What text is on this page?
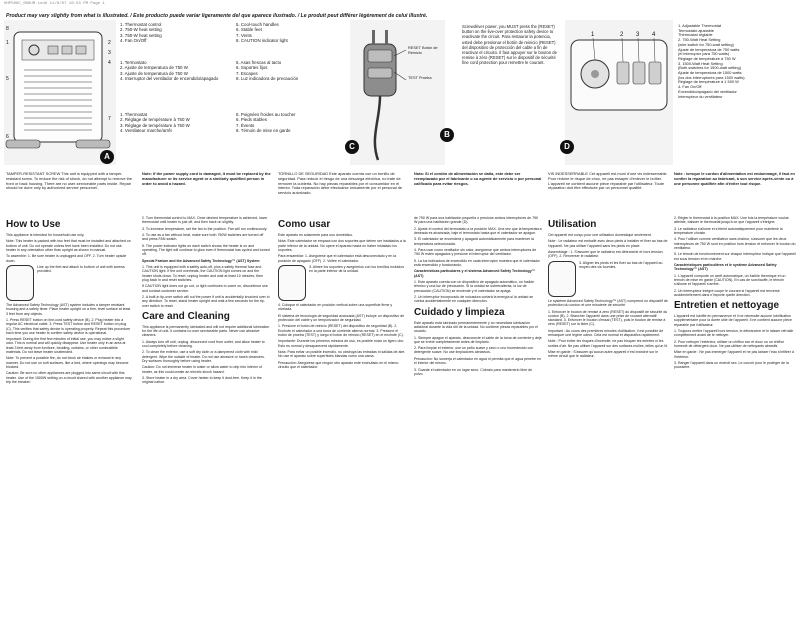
HHP508C_008UM.indd 11/8/07 10:53 PM Page 1
Product may vary slightly from what is illustrated. / Este producto puede variar ligeramente del que aparece ilustrado. / Le produit peut différer légèrement de celui illustré.
1	2
3
4
5
6
7
8
A
1. Thermostat control
2. 750-W heat setting
3. 750-W heat setting
4. Fan On/Off
5. Cool-touch handles
6. Stable feet
7. Vents
8. CAUTION indicator light
1. Termostato
2. Ajuste de temperatura de 750 W
3. Ajuste de temperatura de 750 W
4. Interruptor del ventilador de encendido/apagado
5. Asas frescas al tacto
6. Soportes fijos
7. Escapes
8. Luz indicadora de precaución
1. Thermostat
2. Réglage de température à 750 W
3. Réglage de température à 750 W
4. Ventilateur marche/arrêt
5. Poignées froides au toucher
6. Pieds stables
7. Évents
8. Témoin de mise en garde
RESET Botón de Reinicio
TEST Prueba
B
C
Screwdriver power, you MUST press the (RESET) button on the live-over protection safety device to reactivate the circuit. Para restaurar la potencia, usted debe presionar el botón de reinicio (RESET) del dispositivo de protección del cable a fin de reactivar el circuito. Il faut appuyer sur le bouton de remise à zéro (RESET) sur le dispositif de sécurité fine cord protection pour remettre le courant.
1	2 3 4
D
1. Adjustable Thermostat
Termostato ajustable
Thermostat réglable
2. 750-Watt Heat Setting
(wire switch for 750-watt setting)
Ajuste de temperatura de 750 watts
(el interruptor para 750 watts)
Réglage de température à 750 W
3. 1500-Watt Heat Setting
(Both switches for 1500-watt setting)
Ajuste de temperatura de 1500 watts
(los dos interruptores para 1500 watts)
Réglage de température à 1 500 W
4. Fan On/Off
Encendido/apagado del ventilador
Interrupteur du ventilateur
TAMPER-RESISTANT SCREW This unit is equipped with a tamper-resistant screw. To reduce the risk of shock, do not attempt to remove the front or back housing. There are no user-serviceable parts inside. Repair should be done only by authorized service personnel.
Note: If the power supply cord is damaged, it must be replaced by the manufacturer or its service agent or a similarly qualified person in order to avoid a hazard.
TORNILLO DE SEGURIDAD Este aparato cuenta con un tornillo de seguridad. Para reducir el riesgo de una descarga eléctrica, no trate de remover la cubierta. No hay piezas reparables por el consumidor en el interior. Toda reparación debe efectuarse únicamente por el personal de servicio autorizado.
Nota: Si el cordón de alimentación se daña, este debe ser reemplazado por el fabricante o su agente de servicio o por personal calificado para evitar riesgos.
VIS INDESSERRABLE Cet appareil est muni d'une vis indesserrable. Pour réduire le risque de choc, ne pas essayer d'enlever le boîtier. L'appareil ne contient aucune pièce réparable par l'utilisateur. Toute réparation doit être effectuée par un personnel qualifié.
Note : lorsque le cordon d'alimentation est endommagé, il faut en confier la réparation au fabricant, à son service après-vente ou à une personne qualifiée afin d'éviter tout risque.
How to Use

This appliance is intended for household use only.

Note: This heater is packed with two feet that must be installed and attached on bottom of unit. Do not operate unless feet have been installed. Do not use heater in any orientation other than upright as shown in manual.

To assemble: 1. Be sure heater is unplugged and OFF. 2. Turn heater upside down.

Line up the feet and attach to bottom of unit with screws provided.

The Advanced Safety Technology (AST) system includes a tamper resistant housing and a safety timer. Place heater upright on a firm, level surface at least 3 feet from any objects.

1. Press RESET button on line-cord safety device (B). 2. Plug heater into a regular AC electrical outlet. 3. Press TEST button and RESET button on plug (C). This verifies that safety device is operating properly. Repeat this procedure each time you use heater to confirm safety device is operational.

Important: During the first few minutes of initial use, you may notice a slight odor. This is normal and will quickly disappear. Use heater only in an area at least 3 feet away from furniture, bedding, curtains, or other combustible materials. Do not leave heater unattended.

Note: To prevent a possible fire, do not block air intakes or exhaust in any manner. Do not use on soft surfaces, like a bed, where openings may become blocked.

Caution: Be sure no other appliances are plugged into same circuit with this heater. Use of the 1500W setting on a circuit shared with another appliance may trip the breaker.

2. Turn thermostat control to MAX. Once desired temperature is achieved, lower thermostat until heater is just off, and then back on slightly.

3. To increase temperature, set the fan to the position. Fan will run continuously.

4. To use as a fan without heat, make sure both 750W switches are turned off and press FAN switch.

5. The power indicator lights on each switch shows the heater is on and operating. The light will continue to glow even if thermostat has cycled and turned off.

Special Feature and the Advanced Safety Technology™ (AST) System

1. This unit is equipped with a safety auto-off, plus a safety thermal fuse and CAUTION light. If the unit overheats, the CAUTION light comes on and the heater shuts down. To reset, unplug heater and wait at least 10 minutes, then plug back in and reset switches.

If CAUTION light does not go out, or light continues to come on, discontinue use and contact customer service.

2. A built-in tip-over switch will cut the power if unit is accidentally knocked over in any direction. To reset, stand heater upright and wait a few seconds for the tip-over switch to reset.

Care and Cleaning

This appliance is permanently lubricated and will not require additional lubrication for the life of unit. It contains no user serviceable parts. Never use abrasive cleaners.

1. Always turn off unit, unplug, disconnect cord from outlet, and allow heater to cool completely before cleaning.

2. To clean the exterior, use a soft dry cloth or a dampened cloth with mild detergent. Wipe the outside of heater. Do not use abrasive or harsh cleansers. Dry surfaces thoroughly before using heater.

Caution: Do not immerse heater in water or allow water to drip into interior of heater, as this could create an electric shock hazard.

3. Store heater in a dry area. Cover heater to keep it dust-free. Keep it in the original carton.

Como usar

Este aparato es solamente para uso doméstico.

Nota: Este calentador se empaca con dos soportes que deben ser instalados a la parte inferior de la unidad. No opere el aparato hasta no haber instalado los soportes.

Para ensamblar: 1. Asegúrese que el calentador está desconectado y en la posición de apagado (OFF). 2. Voltee el calentador.

3. Alinee los soportes y asegúrelos con los tornillos incluidos en la parte inferior de la unidad.

4. Coloque el calentador en posición vertical sobre una superficie firme y nivelada.

El sistema de tecnología de seguridad avanzada (AST) incluye un dispositivo de protección del cable y un temporizador de seguridad.

1. Presione el botón de reinicio (RESET) del dispositivo de seguridad (B). 2. Enchufe el calentador a una toma de corriente alterna normal. 3. Presione el botón de prueba (TEST) y luego el botón de reinicio (RESET) en el enchufe (C).

Importante: Durante los primeros minutos de uso, es posible notar un ligero olor. Esto es normal y desaparecerá rápidamente.

Nota: Para evitar un posible incendio, no obstruya las entradas ni salidas de aire. No use el aparato sobre superficies blandas como una cama.

Precaución: Asegúrese que ningún otro aparato esté enchufado en el mismo circuito que el calentador.

de 750 W para una habitación pequeña o presione ambos interruptores de 750 W para una habitación grande (D).

2. Ajuste el control del termostato a la posición MAX. Una vez que la temperatura deseada es alcanzada, baje el termostato hasta que el calentador se apague.

3. El calentador se encenderá y apagará automáticamente para mantener la temperatura seleccionada.

4. Para usar como ventilador sin calor, asegúrese que ambos interruptores de 750 W estén apagados y presione el interruptor del ventilador.

5. La luz indicadora de encendido en cada interruptor muestra que el calentador está encendido y funcionando.

Características particulares y el sistema Advanced Safety Technology™ (AST)

1. Este aparato cuenta con un dispositivo de apagado automático, un fusible térmico y una luz de precaución. Si la unidad se sobrecalienta, la luz de precaución (CAUTION) se enciende y el calentador se apaga.

2. Un interruptor incorporado de volcadura cortará la energía si la unidad se vuelca accidentalmente en cualquier dirección.

Cuidado y limpieza

Este aparato está lubricado permanentemente y no necesitará lubricación adicional durante la vida útil de la unidad. No contiene piezas reparables por el usuario.

1. Siempre apague el aparato, desconecte el cable de la toma de corriente y deje que se enfríe completamente antes de limpiarlo.

2. Para limpiar el exterior, use un paño suave y seco o uno humedecido con detergente suave. No use limpiadores abrasivos.

Precaución: No sumerja el calentador en agua ni permita que el agua penetre en el interior del mismo.

3. Guarde el calentador en un lugar seco. Cúbralo para mantenerlo libre de polvo.

Utilisation

Cet appareil est conçu pour une utilisation domestique seulement.

Note : Le radiateur est emballé avec deux pieds à installer et fixer au bas de l'appareil. Ne pas utiliser l'appareil sans les pieds en place.

Assemblage : 1. S'assurer que le radiateur est débranché et hors tension (OFF). 2. Renverser le radiateur.

3. Aligner les pieds et les fixer au bas de l'appareil au moyen des vis fournies.

Le système Advanced Safety Technology™ (AST) comprend un dispositif de protection du cordon et une minuterie de sécurité.

1. Enfoncer le bouton de remise à zéro (RESET) du dispositif de sécurité du cordon (B). 2. Brancher l'appareil dans une prise de courant alternatif standard. 3. Enfoncer le bouton d'essai (TEST), puis le bouton de remise à zéro (RESET) sur la fiche (C).

Important : Au cours des premières minutes d'utilisation, il est possible de remarquer une légère odeur. Cela est normal et disparaîtra rapidement.

Note : Pour éviter les risques d'incendie, ne pas bloquer les entrées ni les sorties d'air. Ne pas utiliser l'appareil sur des surfaces molles, telles qu'un lit.

Mise en garde : S'assurer qu'aucun autre appareil n'est branché sur le même circuit que le radiateur.

2. Régler le thermostat à la position MAX. Une fois la température voulue atteinte, baisser le thermostat jusqu'à ce que l'appareil s'éteigne.

3. Le radiateur s'allume et s'éteint automatiquement pour maintenir la température choisie.

4. Pour l'utiliser comme ventilateur sans chaleur, s'assurer que les deux interrupteurs de 750 W sont en position hors tension et enfoncer le bouton du ventilateur.

5. Le témoin de fonctionnement sur chaque interrupteur indique que l'appareil est sous tension et en marche.

Caractéristiques particulières et le système Advanced Safety Technology™ (AST)

1. L'appareil comporte un arrêt automatique, un fusible thermique et un témoin de mise en garde (CAUTION). En cas de surchauffe, le témoin s'allume et l'appareil s'arrête.

2. Un interrupteur intégré coupe le courant si l'appareil est renversé accidentellement dans n'importe quelle direction.

Entretien et nettoyage

L'appareil est lubrifié en permanence et il ne nécessite aucune lubrification supplémentaire pour la durée utile de l'appareil. Il ne contient aucune pièce réparable par l'utilisateur.

1. Toujours mettre l'appareil hors tension, le débrancher et le laisser refroidir complètement avant de le nettoyer.

2. Pour nettoyer l'extérieur, utiliser un chiffon sec et doux ou un chiffon humecté de détergent doux. Ne pas utiliser de nettoyants abrasifs.

Mise en garde : Ne pas immerger l'appareil et ne pas laisser l'eau s'infiltrer à l'intérieur.

3. Ranger l'appareil dans un endroit sec. Le couvrir pour le protéger de la poussière.
